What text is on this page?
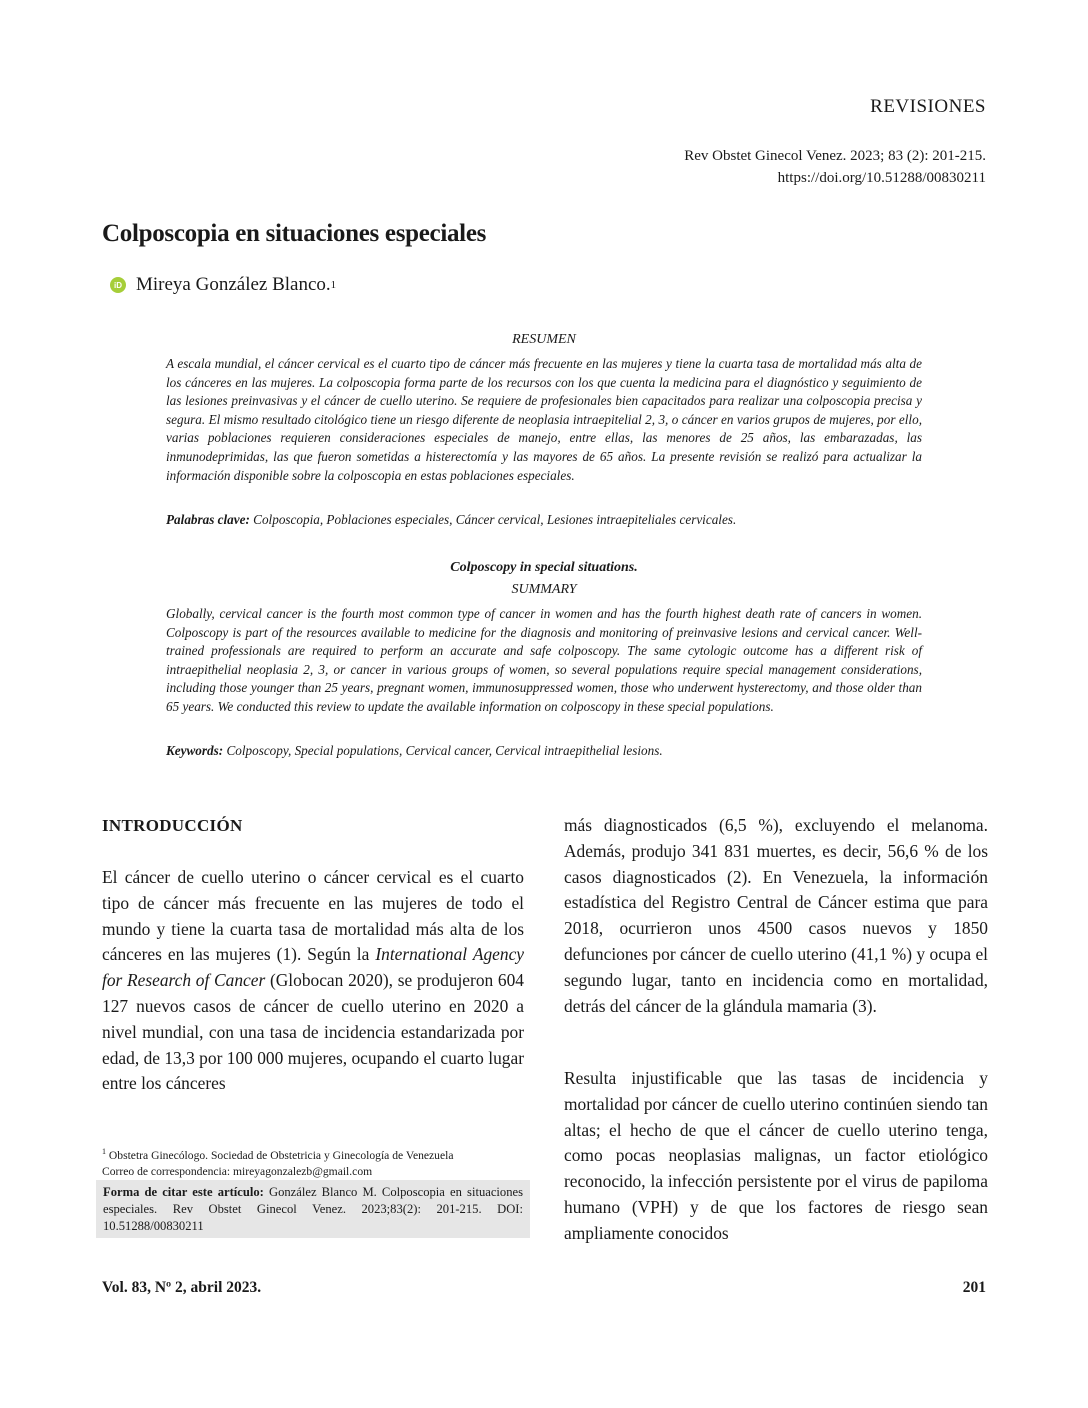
REVISIONES
Rev Obstet Ginecol Venez. 2023; 83 (2): 201-215.
https://doi.org/10.51288/00830211
Colposcopia en situaciones especiales
iD Mireya González Blanco. 1
RESUMEN
A escala mundial, el cáncer cervical es el cuarto tipo de cáncer más frecuente en las mujeres y tiene la cuarta tasa de mortalidad más alta de los cánceres en las mujeres. La colposcopia forma parte de los recursos con los que cuenta la medicina para el diagnóstico y seguimiento de las lesiones preinvasivas y el cáncer de cuello uterino. Se requiere de profesionales bien capacitados para realizar una colposcopia precisa y segura. El mismo resultado citológico tiene un riesgo diferente de neoplasia intraepitelial 2, 3, o cáncer en varios grupos de mujeres, por ello, varias poblaciones requieren consideraciones especiales de manejo, entre ellas, las menores de 25 años, las embarazadas, las inmunodeprimidas, las que fueron sometidas a histerectomía y las mayores de 65 años. La presente revisión se realizó para actualizar la información disponible sobre la colposcopia en estas poblaciones especiales.
Palabras clave: Colposcopia, Poblaciones especiales, Cáncer cervical, Lesiones intraepiteliales cervicales.
Colposcopy in special situations.
SUMMARY
Globally, cervical cancer is the fourth most common type of cancer in women and has the fourth highest death rate of cancers in women. Colposcopy is part of the resources available to medicine for the diagnosis and monitoring of preinvasive lesions and cervical cancer. Well-trained professionals are required to perform an accurate and safe colposcopy. The same cytologic outcome has a different risk of intraepithelial neoplasia 2, 3, or cancer in various groups of women, so several populations require special management considerations, including those younger than 25 years, pregnant women, immunosuppressed women, those who underwent hysterectomy, and those older than 65 years. We conducted this review to update the available information on colposcopy in these special populations.
Keywords: Colposcopy, Special populations, Cervical cancer, Cervical intraepithelial lesions.
INTRODUCCIÓN
El cáncer de cuello uterino o cáncer cervical es el cuarto tipo de cáncer más frecuente en las mujeres de todo el mundo y tiene la cuarta tasa de mortalidad más alta de los cánceres en las mujeres (1). Según la International Agency for Research of Cancer (Globocan 2020), se produjeron 604 127 nuevos casos de cáncer de cuello uterino en 2020 a nivel mundial, con una tasa de incidencia estandarizada por edad, de 13,3 por 100 000 mujeres, ocupando el cuarto lugar entre los cánceres
más diagnosticados (6,5 %), excluyendo el melanoma. Además, produjo 341 831 muertes, es decir, 56,6 % de los casos diagnosticados (2). En Venezuela, la información estadística del Registro Central de Cáncer estima que para 2018, ocurrieron unos 4500 casos nuevos y 1850 defunciones por cáncer de cuello uterino (41,1 %) y ocupa el segundo lugar, tanto en incidencia como en mortalidad, detrás del cáncer de la glándula mamaria (3).
Resulta injustificable que las tasas de incidencia y mortalidad por cáncer de cuello uterino continúen siendo tan altas; el hecho de que el cáncer de cuello uterino tenga, como pocas neoplasias malignas, un factor etiológico reconocido, la infección persistente por el virus de papiloma humano (VPH) y de que los factores de riesgo sean ampliamente conocidos
$^1$ Obstetra Ginecólogo. Sociedad de Obstetricia y Ginecología de Venezuela
Correo de correspondencia: mireyagonzalezb@gmail.com
Forma de citar este artículo: González Blanco M. Colposcopia en situaciones especiales. Rev Obstet Ginecol Venez. 2023;83(2): 201-215. DOI: 10.51288/00830211
Vol. 83, Nº 2, abril 2023.	201
